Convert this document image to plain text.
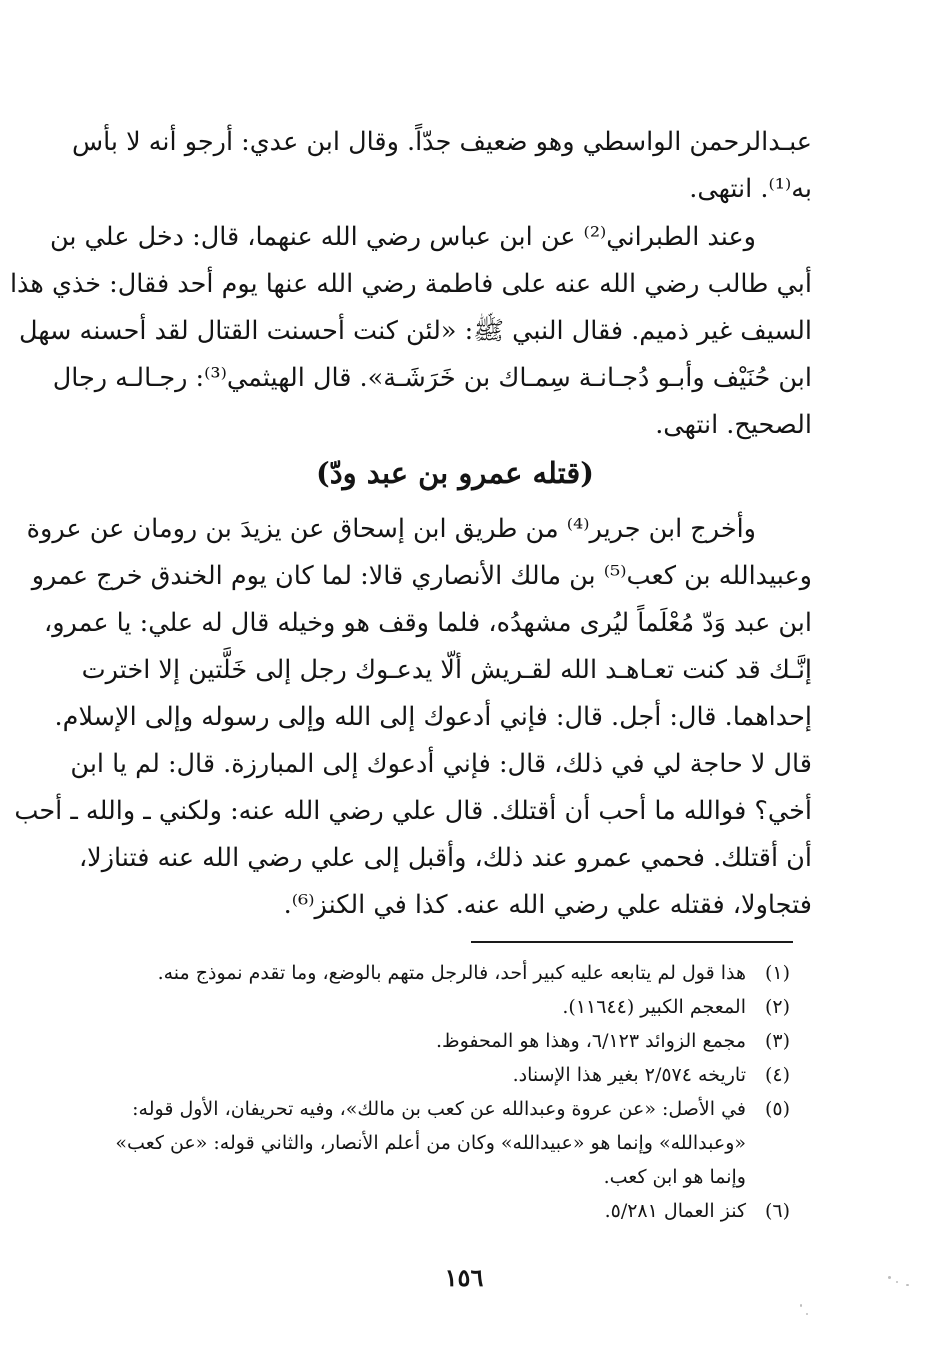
عبـدالرحمن الواسطي وهو ضعيف جدّاً. وقال ابن عدي: أرجو أنه لا بأس
به⁽¹⁾. انتهى.
وعند الطبراني⁽²⁾ عن ابن عباس رضي الله عنهما، قال: دخل علي بن
أبي طالب رضي الله عنه على فاطمة رضي الله عنها يوم أحد فقال: خذي هذا
السيف غير ذميم. فقال النبي ﷺ: «لئن كنت أحسنت القتال لقد أحسنه سهل
ابن حُنَيْف وأبـو دُجـانـة سِمـاك بن خَرَشَـة». قال الهيثمي⁽³⁾: رجـالـه رجال
الصحيح. انتهى.
(قتله عمرو بن عبد ودّ)
وأخرج ابن جرير⁽⁴⁾ من طريق ابن إسحاق عن يزيدَ بن رومان عن عروة
وعبيدالله بن كعب⁽⁵⁾ بن مالك الأنصاري قالا: لما كان يوم الخندق خرج عمرو
ابن عبد وَدّ مُعْلَماً ليُرى مشهدُه، فلما وقف هو وخيله قال له علي: يا عمرو،
إنَّـك قد كنت تعـاهـد الله لقـريش ألّا يدعـوك رجل إلى خَلَّتين إلا اخترت
إحداهما. قال: أجل. قال: فإني أدعوك إلى الله وإلى رسوله وإلى الإسلام.
قال لا حاجة لي في ذلك، قال: فإني أدعوك إلى المبارزة. قال: لم يا ابن
أخي؟ فوالله ما أحب أن أقتلك. قال علي رضي الله عنه: ولكني ـ والله ـ أحب
أن أقتلك. فحمي عمرو عند ذلك، وأقبل إلى علي رضي الله عنه فتنازلا،
فتجاولا، فقتله علي رضي الله عنه. كذا في الكنز⁽⁶⁾.
(١)
هذا قول لم يتابعه عليه كبير أحد، فالرجل متهم بالوضع، وما تقدم نموذج منه.
(٢)
المعجم الكبير (١١٦٤٤).
(٣)
مجمع الزوائد ٦/١٢٣، وهذا هو المحفوظ.
(٤)
تاريخه ٢/٥٧٤ بغير هذا الإسناد.
(٥)
في الأصل: «عن عروة وعبدالله عن كعب بن مالك»، وفيه تحريفان، الأول قوله:
«وعبدالله» وإنما هو «عبيدالله» وكان من أعلم الأنصار، والثاني قوله: «عن كعب»
وإنما هو ابن كعب.
(٦)
كنز العمال ٥/٢٨١.
١٥٦
